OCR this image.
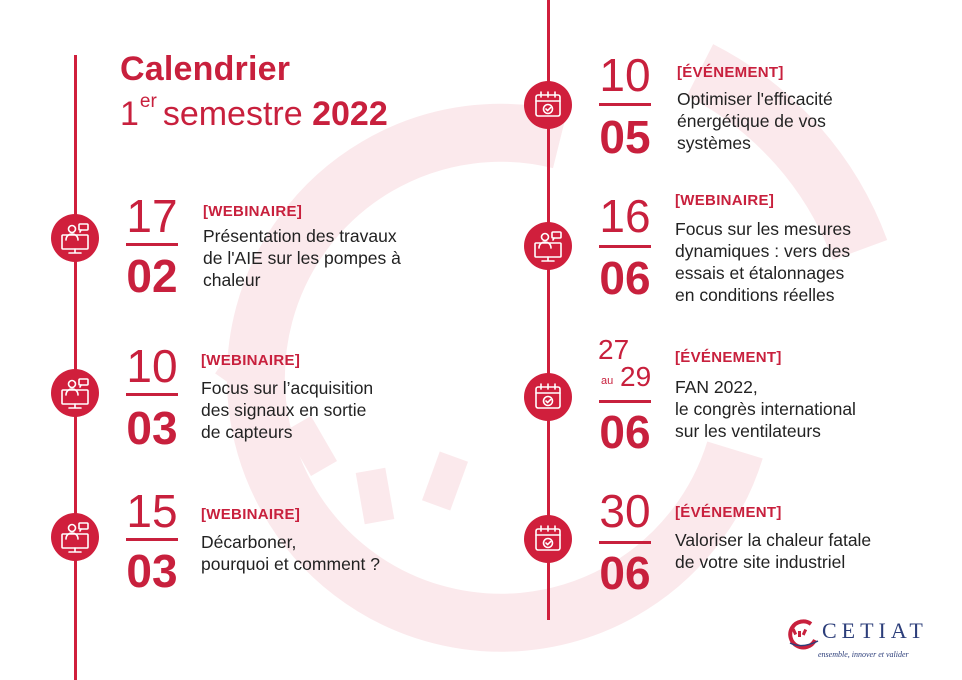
Calendrier
1er semestre 2022
17
02
[WEBINAIRE]
Présentation des travaux
de l'AIE sur les pompes à
chaleur
10
03
[WEBINAIRE]
Focus sur l’acquisition
des signaux en sortie
de capteurs
15
03
[WEBINAIRE]
Décarboner,
pourquoi et comment ?
10
05
[ÉVÉNEMENT]
Optimiser l'efficacité
énergétique de vos
systèmes
16
06
[WEBINAIRE]
Focus sur les mesures
dynamiques : vers des
essais et étalonnages
en conditions réelles
27
au 29
06
[ÉVÉNEMENT]
FAN 2022,
le congrès international
sur les ventilateurs
30
06
[ÉVÉNEMENT]
Valoriser la chaleur fatale
de votre site industriel
CETIAT
ensemble, innover et valider
